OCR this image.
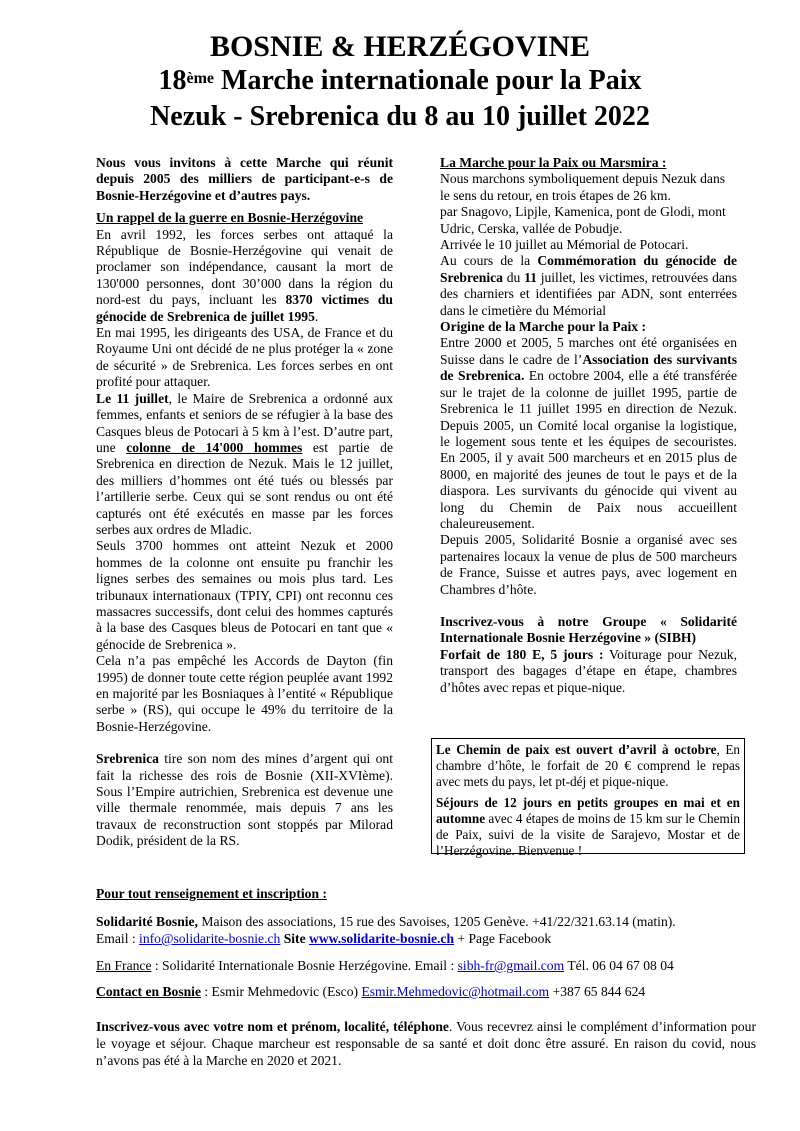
BOSNIE & HERZÉGOVINE
18ème Marche internationale pour la Paix
Nezuk - Srebrenica du 8 au 10 juillet 2022

Nous vous invitons à cette Marche qui réunit depuis 2005 des milliers de participant-e-s de Bosnie-Herzégovine et d’autres pays.

Un rappel de la guerre en Bosnie-Herzégovine

En avril 1992, les forces serbes ont attaqué la République de Bosnie-Herzégovine qui venait de proclamer son indépendance, causant la mort de 130'000 personnes, dont 30’000 dans la région du nord-est du pays, incluant les 8370 victimes du génocide de Srebrenica de juillet 1995.

En mai 1995, les dirigeants des USA, de France et du Royaume Uni ont décidé de ne plus protéger la « zone de sécurité » de Srebrenica. Les forces serbes en ont profité pour attaquer.

Le 11 juillet, le Maire de Srebrenica a ordonné aux femmes, enfants et seniors de se réfugier à la base des Casques bleus de Potocari à 5 km à l’est. D’autre part, une colonne de 14'000 hommes est partie de Srebrenica en direction de Nezuk. Mais le 12 juillet, des milliers d’hommes ont été tués ou blessés par l’artillerie serbe. Ceux qui se sont rendus ou ont été capturés ont été exécutés en masse par les forces serbes aux ordres de Mladic.

Seuls 3700 hommes ont atteint Nezuk et 2000 hommes de la colonne ont ensuite pu franchir les lignes serbes des semaines ou mois plus tard. Les tribunaux internationaux (TPIY, CPI) ont reconnu ces massacres successifs, dont celui des hommes capturés à la base des Casques bleus de Potocari en tant que « génocide de Srebrenica ».

Cela n’a pas empêché les Accords de Dayton (fin 1995) de donner toute cette région peuplée avant 1992 en majorité par les Bosniaques à l’entité « République serbe » (RS), qui occupe le 49% du territoire de la Bosnie-Herzégovine.

Srebrenica tire son nom des mines d’argent qui ont fait la richesse des rois de Bosnie (XII-XVIème). Sous l’Empire autrichien, Srebrenica est devenue une ville thermale renommée, mais depuis 7 ans les travaux de reconstruction sont stoppés par Milorad Dodik, président de la RS.

La Marche pour la Paix ou Marsmira :

Nous marchons symboliquement depuis Nezuk dans le sens du retour, en trois étapes de 26 km.

par Snagovo, Lipjle, Kamenica, pont de Glodi, mont Udric, Cerska, vallée de Pobudje.

Arrivée le 10 juillet au Mémorial de Potocari.

Au cours de la Commémoration du génocide de Srebrenica du 11 juillet, les victimes, retrouvées dans des charniers et identifiées par ADN, sont enterrées dans le cimetière du Mémorial

Origine de la Marche pour la Paix :

Entre 2000 et 2005, 5 marches ont été organisées en Suisse dans le cadre de l’Association des survivants de Srebrenica. En octobre 2004, elle a été transférée sur le trajet de la colonne de juillet 1995, partie de Srebrenica le 11 juillet 1995 en direction de Nezuk. Depuis 2005, un Comité local organise la logistique, le logement sous tente et les équipes de secouristes. En 2005, il y avait 500 marcheurs et en 2015 plus de 8000, en majorité des jeunes de tout le pays et de la diaspora. Les survivants du génocide qui vivent au long du Chemin de Paix nous accueillent chaleureusement.

Depuis 2005, Solidarité Bosnie a organisé avec ses partenaires locaux la venue de plus de 500 marcheurs de France, Suisse et autres pays, avec logement en Chambres d’hôte.

Inscrivez-vous à notre Groupe « Solidarité Internationale Bosnie Herzégovine » (SIBH)

Forfait de 180 E, 5 jours : Voiturage pour Nezuk, transport des bagages d’étape en étape, chambres d’hôtes avec repas et pique-nique.

Le Chemin de paix est ouvert d’avril à octobre, En chambre d’hôte, le forfait de 20 € comprend le repas avec mets du pays, let pt-déj et pique-nique.

Séjours de 12 jours en petits groupes en mai et en automne avec 4 étapes de moins de 15 km sur le Chemin de Paix, suivi de la visite de Sarajevo, Mostar et de l’Herzégovine. Bienvenue !

Pour tout renseignement et inscription :
Solidarité Bosnie, Maison des associations, 15 rue des Savoises, 1205 Genève. +41/22/321.63.14 (matin).
Email : info@solidarite-bosnie.ch Site www.solidarite-bosnie.ch + Page Facebook
En France : Solidarité Internationale Bosnie Herzégovine. Email : sibh-fr@gmail.com Tél. 06 04 67 08 04
Contact en Bosnie : Esmir Mehmedovic (Esco) Esmir.Mehmedovic@hotmail.com +387 65 844 624
Inscrivez-vous avec votre nom et prénom, localité, téléphone. Vous recevrez ainsi le complément d’information pour le voyage et séjour. Chaque marcheur est responsable de sa santé et doit donc être assuré. En raison du covid, nous n’avons pas été à la Marche en 2020 et 2021.
